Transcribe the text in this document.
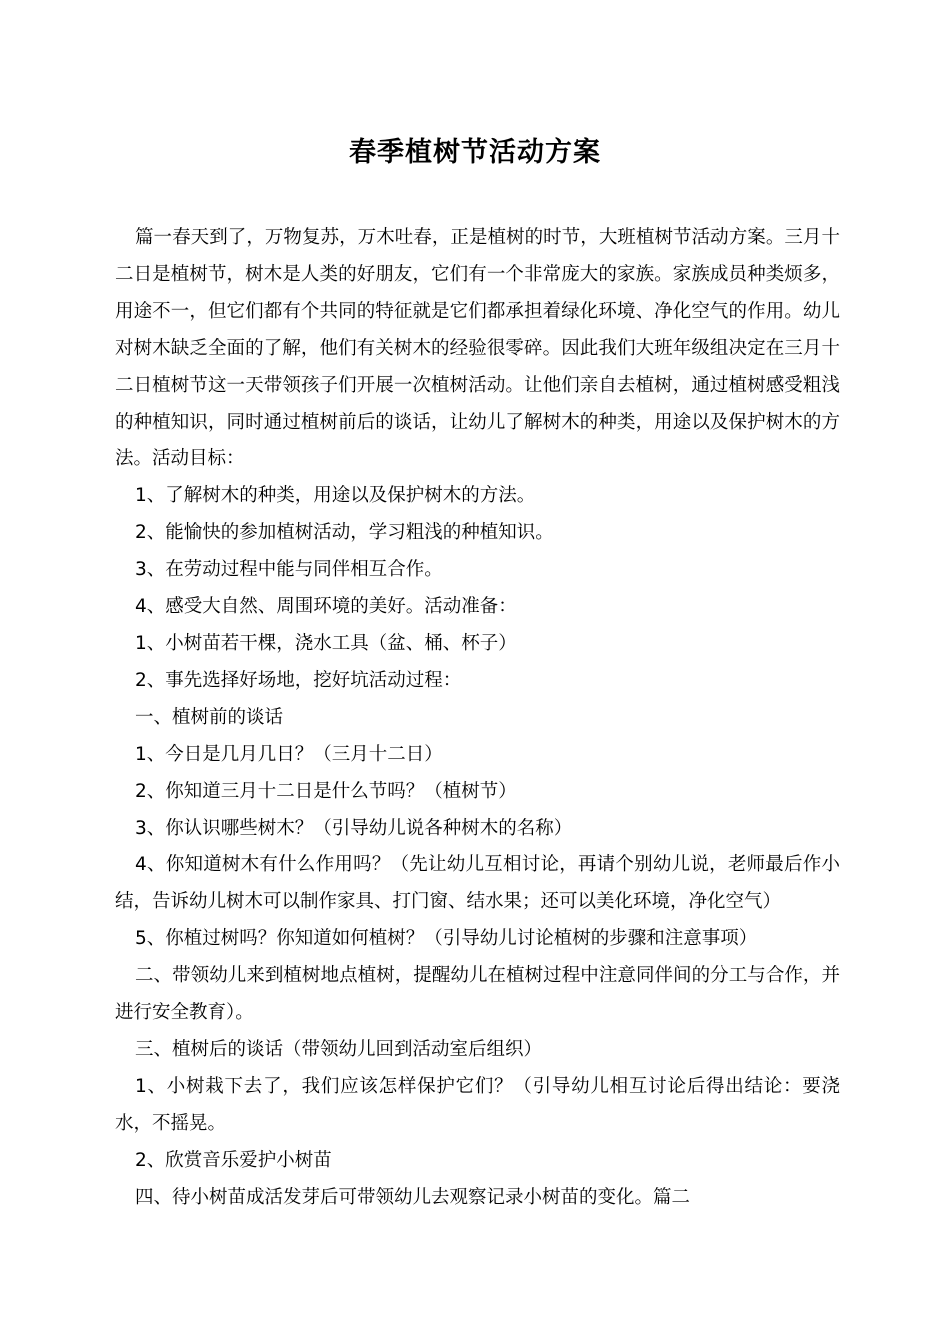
春季植树节活动方案

篇一春天到了，万物复苏，万木吐春，正是植树的时节，大班植树节活动方案。三月十二日是植树节，树木是人类的好朋友，它们有一个非常庞大的家族。家族成员种类烦多，用途不一，但它们都有个共同的特征就是它们都承担着绿化环境、净化空气的作用。幼儿对树木缺乏全面的了解，他们有关树木的经验很零碎。因此我们大班年级组决定在三月十二日植树节这一天带领孩子们开展一次植树活动。让他们亲自去植树，通过植树感受粗浅的种植知识，同时通过植树前后的谈话，让幼儿了解树木的种类，用途以及保护树木的方法。活动目标：

1、了解树木的种类，用途以及保护树木的方法。

2、能愉快的参加植树活动，学习粗浅的种植知识。

3、在劳动过程中能与同伴相互合作。

4、感受大自然、周围环境的美好。活动准备：

1、小树苗若干棵，浇水工具（盆、桶、杯子）

2、事先选择好场地，挖好坑活动过程：

一、植树前的谈话

1、今日是几月几日？（三月十二日）

2、你知道三月十二日是什么节吗？（植树节）

3、你认识哪些树木？（引导幼儿说各种树木的名称）

4、你知道树木有什么作用吗？（先让幼儿互相讨论，再请个别幼儿说，老师最后作小结，告诉幼儿树木可以制作家具、打门窗、结水果；还可以美化环境，净化空气）

5、你植过树吗？你知道如何植树？（引导幼儿讨论植树的步骤和注意事项）

二、带领幼儿来到植树地点植树，提醒幼儿在植树过程中注意同伴间的分工与合作，并进行安全教育）。

三、植树后的谈话（带领幼儿回到活动室后组织）

1、小树栽下去了，我们应该怎样保护它们？（引导幼儿相互讨论后得出结论：要浇水，不摇晃。

2、欣赏音乐爱护小树苗

四、待小树苗成活发芽后可带领幼儿去观察记录小树苗的变化。篇二
